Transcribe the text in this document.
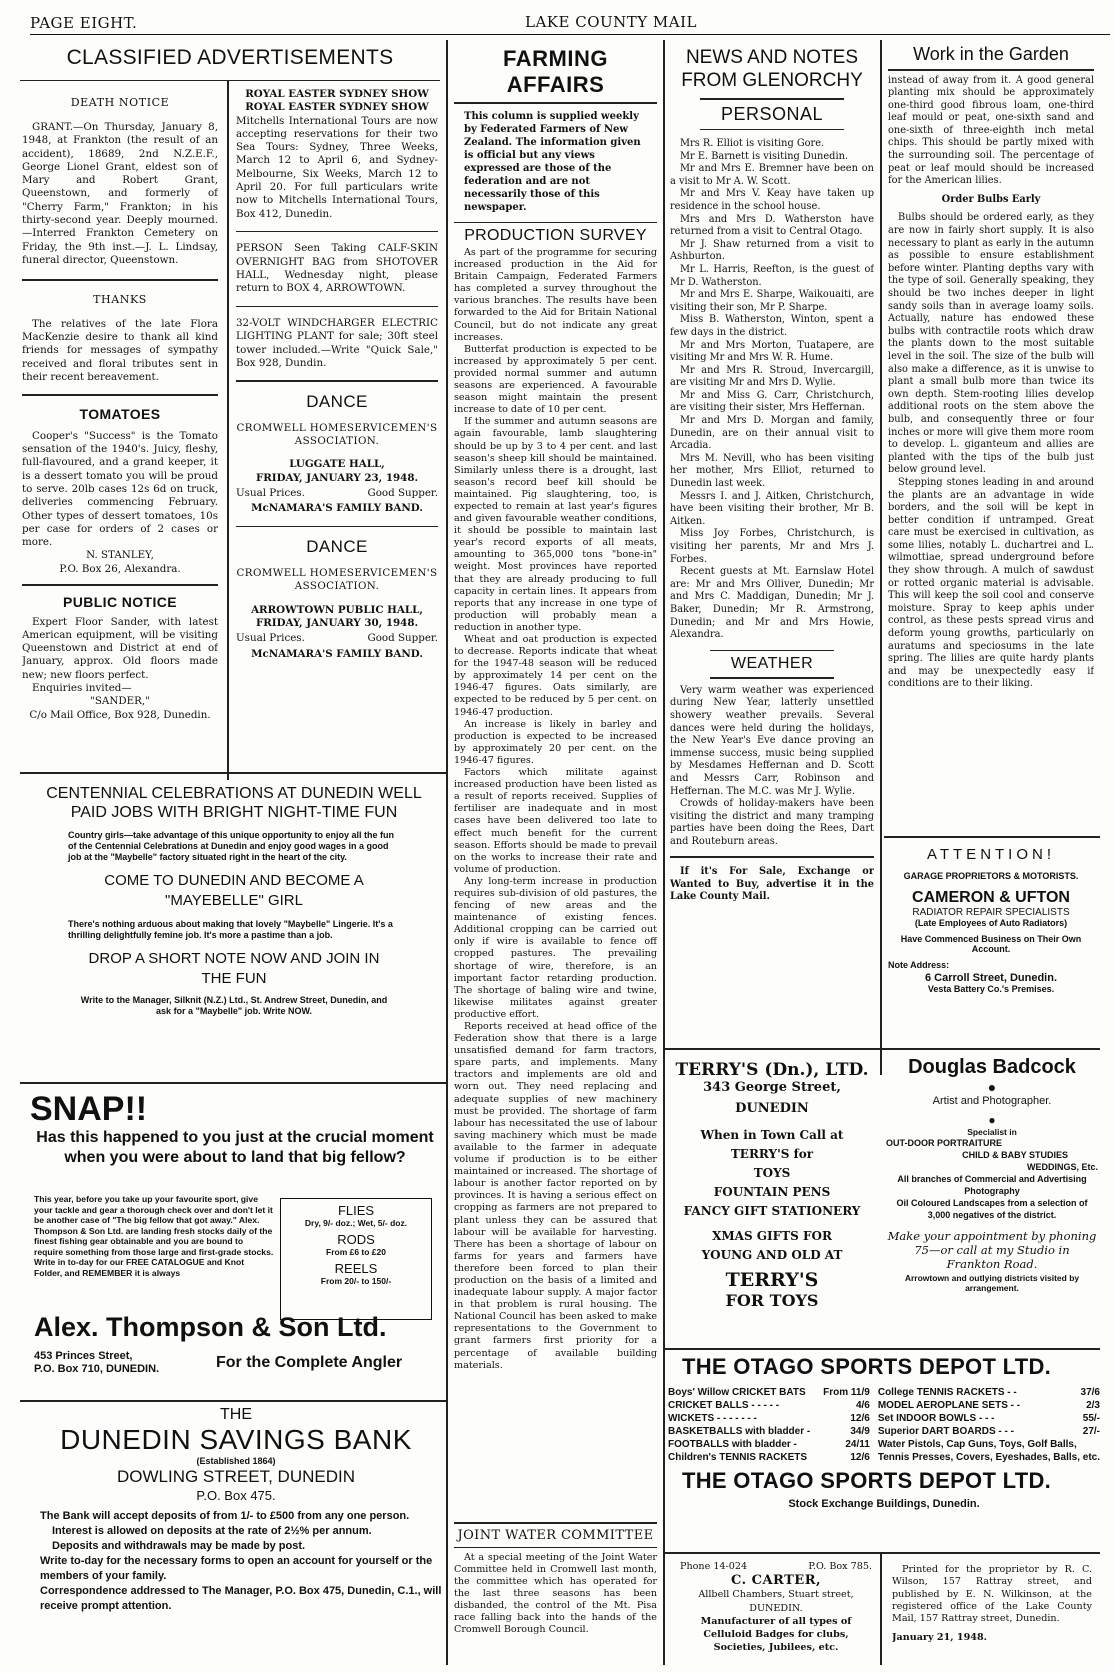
PAGE EIGHT.	LAKE COUNTY MAIL
CLASSIFIED ADVERTISEMENTS
DEATH NOTICE

GRANT.—On Thursday, January 8, 1948, at Frankton (the result of an accident), 18689, 2nd N.Z.E.F., George Lionel Grant, eldest son of Mary and Robert Grant, Queenstown, and formerly of "Cherry Farm," Frankton; in his thirty-second year. Deeply mourned.—Interred Frankton Cemetery on Friday, the 9th inst.—J. L. Lindsay, funeral director, Queenstown.

THANKS

The relatives of the late Flora MacKenzie desire to thank all kind friends for messages of sympathy received and floral tributes sent in their recent bereavement.

TOMATOES

Cooper's "Success" is the Tomato sensation of the 1940's. Juicy, fleshy, full-flavoured, and a grand keeper, it is a dessert tomato you will be proud to serve. 20lb cases 12s 6d on truck, deliveries commencing February. Other types of dessert tomatoes, 10s per case for orders of 2 cases or more.

N. STANLEY,
P.O. Box 26, Alexandra.
PUBLIC NOTICE

Expert Floor Sander, with latest American equipment, will be visiting Queenstown and District at end of January, approx. Old floors made new; new floors perfect.

Enquiries invited—

"SANDER,"
C/o Mail Office, Box 928, Dunedin.
ROYAL EASTER SYDNEY SHOW
ROYAL EASTER SYDNEY SHOW

Mitchells International Tours are now accepting reservations for their two Sea Tours: Sydney, Three Weeks, March 12 to April 6, and Sydney-Melbourne, Six Weeks, March 12 to April 20. For full particulars write now to Mitchells International Tours, Box 412, Dunedin.

PERSON Seen Taking CALF-SKIN OVERNIGHT BAG from SHOTOVER HALL, Wednesday night, please return to BOX 4, ARROWTOWN.

32-VOLT WINDCHARGER ELECTRIC LIGHTING PLANT for sale; 30ft steel tower included.—Write "Quick Sale," Box 928, Dundin.

DANCE
CROMWELL HOMESERVICEMEN'S ASSOCIATION.
LUGGATE HALL,
FRIDAY, JANUARY 23, 1948.
Usual Prices.	Good Supper.
McNAMARA'S FAMILY BAND.
DANCE
CROMWELL HOMESERVICEMEN'S ASSOCIATION.
ARROWTOWN PUBLIC HALL,
FRIDAY, JANUARY 30, 1948.
Usual Prices.	Good Supper.
McNAMARA'S FAMILY BAND.
CENTENNIAL CELEBRATIONS AT DUNEDIN WELL PAID JOBS WITH BRIGHT NIGHT-TIME FUN
Country girls—take advantage of this unique opportunity to enjoy all the fun of the Centennial Celebrations at Dunedin and enjoy good wages in a good job at the "Maybelle" factory situated right in the heart of the city.
COME TO DUNEDIN AND BECOME A "MAYEBELLE" GIRL
There's nothing arduous about making that lovely "Maybelle" Lingerie. It's a thrilling delightfully femine job. It's more a pastime than a job.
DROP A SHORT NOTE NOW AND JOIN IN THE FUN
Write to the Manager, Silknit (N.Z.) Ltd., St. Andrew Street, Dunedin, and ask for a "Maybelle" job. Write NOW.
SNAP!!
Has this happened to you just at the crucial moment when you were about to land that big fellow?
This year, before you take up your favourite sport, give your tackle and gear a thorough check over and don't let it be another case of "The big fellow that got away." Alex. Thompson & Son Ltd. are landing fresh stocks daily of the finest fishing gear obtainable and you are bound to require something from those large and first-grade stocks. Write in to-day for our FREE CATALOGUE and Knot Folder, and REMEMBER it is always
FLIES
Dry, 9/- doz.; Wet, 5/- doz.
RODS
From £6 to £20
REELS
From 20/- to 150/-
Alex. Thompson & Son Ltd.
453 Princes Street,
P.O. Box 710, DUNEDIN.	For the Complete Angler
THE
DUNEDIN SAVINGS BANK
(Established 1864)
DOWLING STREET, DUNEDIN
P.O. Box 475.
The Bank will accept deposits of from 1/- to £500 from any one person.
Interest is allowed on deposits at the rate of 2½% per annum.
Deposits and withdrawals may be made by post.
Write to-day for the necessary forms to open an account for yourself or the members of your family.
Correspondence addressed to The Manager, P.O. Box 475, Dunedin, C.1., will receive prompt attention.
FARMING AFFAIRS
This column is supplied weekly by Federated Farmers of New Zealand. The information given is official but any views expressed are those of the federation and are not necessarily those of this newspaper.
PRODUCTION SURVEY

As part of the programme for securing increased production in the Aid for Britain Campaign, Federated Farmers has completed a survey throughout the various branches. The results have been forwarded to the Aid for Britain National Council, but do not indicate any great increases.

Butterfat production is expected to be increased by approximately 5 per cent. provided normal summer and autumn seasons are experienced. A favourable season might maintain the present increase to date of 10 per cent.

If the summer and autumn seasons are again favourable, lamb slaughtering should be up by 3 to 4 per cent. and last season's sheep kill should be maintained. Similarly unless there is a drought, last season's record beef kill should be maintained. Pig slaughtering, too, is expected to remain at last year's figures and given favourable weather conditions, it should be possible to maintain last year's record exports of all meats, amounting to 365,000 tons "bone-in" weight. Most provinces have reported that they are already producing to full capacity in certain lines. It appears from reports that any increase in one type of production will probably mean a reduction in another type.

Wheat and oat production is expected to decrease. Reports indicate that wheat for the 1947-48 season will be reduced by approximately 14 per cent on the 1946-47 figures. Oats similarly, are expected to be reduced by 5 per cent. on 1946-47 production.

An increase is likely in barley and production is expected to be increased by approximately 20 per cent. on the 1946-47 figures.

Factors which militate against increased production have been listed as a result of reports received. Supplies of fertiliser are inadequate and in most cases have been delivered too late to effect much benefit for the current season. Efforts should be made to prevail on the works to increase their rate and volume of production.

Any long-term increase in production requires sub-division of old pastures, the fencing of new areas and the maintenance of existing fences. Additional cropping can be carried out only if wire is available to fence off cropped pastures. The prevailing shortage of wire, therefore, is an important factor retarding production. The shortage of baling wire and twine, likewise militates against greater productive effort.

Reports received at head office of the Federation show that there is a large unsatisfied demand for farm tractors, spare parts, and implements. Many tractors and implements are old and worn out. They need replacing and adequate supplies of new machinery must be provided. The shortage of farm labour has necessitated the use of labour saving machinery which must be made available to the farmer in adequate volume if production is to be either maintained or increased. The shortage of labour is another factor reported on by provinces. It is having a serious effect on cropping as farmers are not prepared to plant unless they can be assured that labour will be available for harvesting. There has been a shortage of labour on farms for years and farmers have therefore been forced to plan their production on the basis of a limited and inadequate labour supply. A major factor in that problem is rural housing. The National Council has been asked to make representations to the Government to grant farmers first priority for a percentage of available building materials.

JOINT WATER COMMITTEE

At a special meeting of the Joint Water Committee held in Cromwell last month, the committee which has operated for the last three seasons has been disbanded, the control of the Mt. Pisa race falling back into the hands of the Cromwell Borough Council.

NEWS AND NOTES FROM GLENORCHY
PERSONAL

Mrs R. Elliot is visiting Gore.

Mr E. Barnett is visiting Dunedin.

Mr and Mrs E. Bremner have been on a visit to Mr A. W. Scott.

Mr and Mrs V. Keay have taken up residence in the school house.

Mrs and Mrs D. Watherston have returned from a visit to Central Otago.

Mr J. Shaw returned from a visit to Ashburton.

Mr L. Harris, Reefton, is the guest of Mr D. Watherston.

Mr and Mrs E. Sharpe, Waikouaiti, are visiting their son, Mr P. Sharpe.

Miss B. Watherston, Winton, spent a few days in the district.

Mr and Mrs Morton, Tuatapere, are visiting Mr and Mrs W. R. Hume.

Mr and Mrs R. Stroud, Invercargill, are visiting Mr and Mrs D. Wylie.

Mr and Miss G. Carr, Christchurch, are visiting their sister, Mrs Heffernan.

Mr and Mrs D. Morgan and family, Dunedin, are on their annual visit to Arcadia.

Mrs M. Nevill, who has been visiting her mother, Mrs Elliot, returned to Dunedin last week.

Messrs I. and J. Aitken, Christchurch, have been visiting their brother, Mr B. Aitken.

Miss Joy Forbes, Christchurch, is visiting her parents, Mr and Mrs J. Forbes.

Recent guests at Mt. Earnslaw Hotel are: Mr and Mrs Olliver, Dunedin; Mr and Mrs C. Maddigan, Dunedin; Mr J. Baker, Dunedin; Mr R. Armstrong, Dunedin; and Mr and Mrs Howie, Alexandra.

WEATHER

Very warm weather was experienced during New Year, latterly unsettled showery weather prevails. Several dances were held during the holidays, the New Year's Eve dance proving an immense success, music being supplied by Mesdames Heffernan and D. Scott and Messrs Carr, Robinson and Heffernan. The M.C. was Mr J. Wylie.

Crowds of holiday-makers have been visiting the district and many tramping parties have been doing the Rees, Dart and Routeburn areas.

If it's For Sale, Exchange or Wanted to Buy, advertise it in the Lake County Mail.

Work in the Garden

instead of away from it. A good general planting mix should be approximately one-third good fibrous loam, one-third leaf mould or peat, one-sixth sand and one-sixth of three-eighth inch metal chips. This should be partly mixed with the surrounding soil. The percentage of peat or leaf mould should be increased for the American lilies.

Order Bulbs Early

Bulbs should be ordered early, as they are now in fairly short supply. It is also necessary to plant as early in the autumn as possible to ensure establishment before winter. Planting depths vary with the type of soil. Generally speaking, they should be two inches deeper in light sandy soils than in average loamy soils. Actually, nature has endowed these bulbs with contractile roots which draw the plants down to the most suitable level in the soil. The size of the bulb will also make a difference, as it is unwise to plant a small bulb more than twice its own depth. Stem-rooting lilies develop additional roots on the stem above the bulb, and consequently three or four inches or more will give them more room to develop. L. giganteum and allies are planted with the tips of the bulb just below ground level.

Stepping stones leading in and around the plants are an advantage in wide borders, and the soil will be kept in better condition if untramped. Great care must be exercised in cultivation, as some lilies, notably L. duchartrei and L. wilmottiae, spread underground before they show through. A mulch of sawdust or rotted organic material is advisable. This will keep the soil cool and conserve moisture. Spray to keep aphis under control, as these pests spread virus and deform young growths, particularly on auratums and speciosums in the late spring. The lilies are quite hardy plants and may be unexpectedly easy if conditions are to their liking.

ATTENTION!
GARAGE PROPRIETORS & MOTORISTS.
CAMERON & UFTON
RADIATOR REPAIR SPECIALISTS
(Late Employees of Auto Radiators)
Have Commenced Business on Their Own Account.
Note Address:
6 Carroll Street, Dunedin.
Vesta Battery Co.'s Premises.
TERRY'S (Dn.), LTD.
343 George Street,
DUNEDIN
When in Town Call at
TERRY'S for
TOYS
FOUNTAIN PENS
FANCY GIFT STATIONERY
XMAS GIFTS FOR YOUNG AND OLD AT
TERRY'S
FOR TOYS
Douglas Badcock
●
Artist and Photographer.
●
Specialist in
OUT-DOOR PORTRAITURE
CHILD & BABY STUDIES
WEDDINGS, Etc.
All branches of Commercial and Advertising Photography
Oil Coloured Landscapes from a selection of 3,000 negatives of the district.
Make your appointment by phoning 75—or call at my Studio in Frankton Road.
Arrowtown and outlying districts visited by arrangement.
THE OTAGO SPORTS DEPOT LTD.
Boys' Willow CRICKET BATS	From 11/9
CRICKET BALLS - - - - -	4/6
WICKETS - - - - - - -	12/6
BASKETBALLS with bladder -	34/9
FOOTBALLS with bladder -	24/11
Children's TENNIS RACKETS	12/6
College TENNIS RACKETS - -	37/6
MODEL AEROPLANE SETS - -	2/3
Set INDOOR BOWLS - - -	55/-
Superior DART BOARDS - - -	27/-
Water Pistols, Cap Guns, Toys, Golf Balls,	
Tennis Presses, Covers, Eyeshades, Balls, etc.	
THE OTAGO SPORTS DEPOT LTD.
Stock Exchange Buildings, Dunedin.
Phone 14-024	P.O. Box 785.
C. CARTER,
Allbell Chambers, Stuart street,
DUNEDIN.
Manufacturer of all types of Celluloid Badges for clubs, Societies, Jubilees, etc.

Printed for the proprietor by R. C. Wilson, 157 Rattray street, and published by E. N. Wilkinson, at the registered office of the Lake County Mail, 157 Rattray street, Dunedin.

January 21, 1948.
